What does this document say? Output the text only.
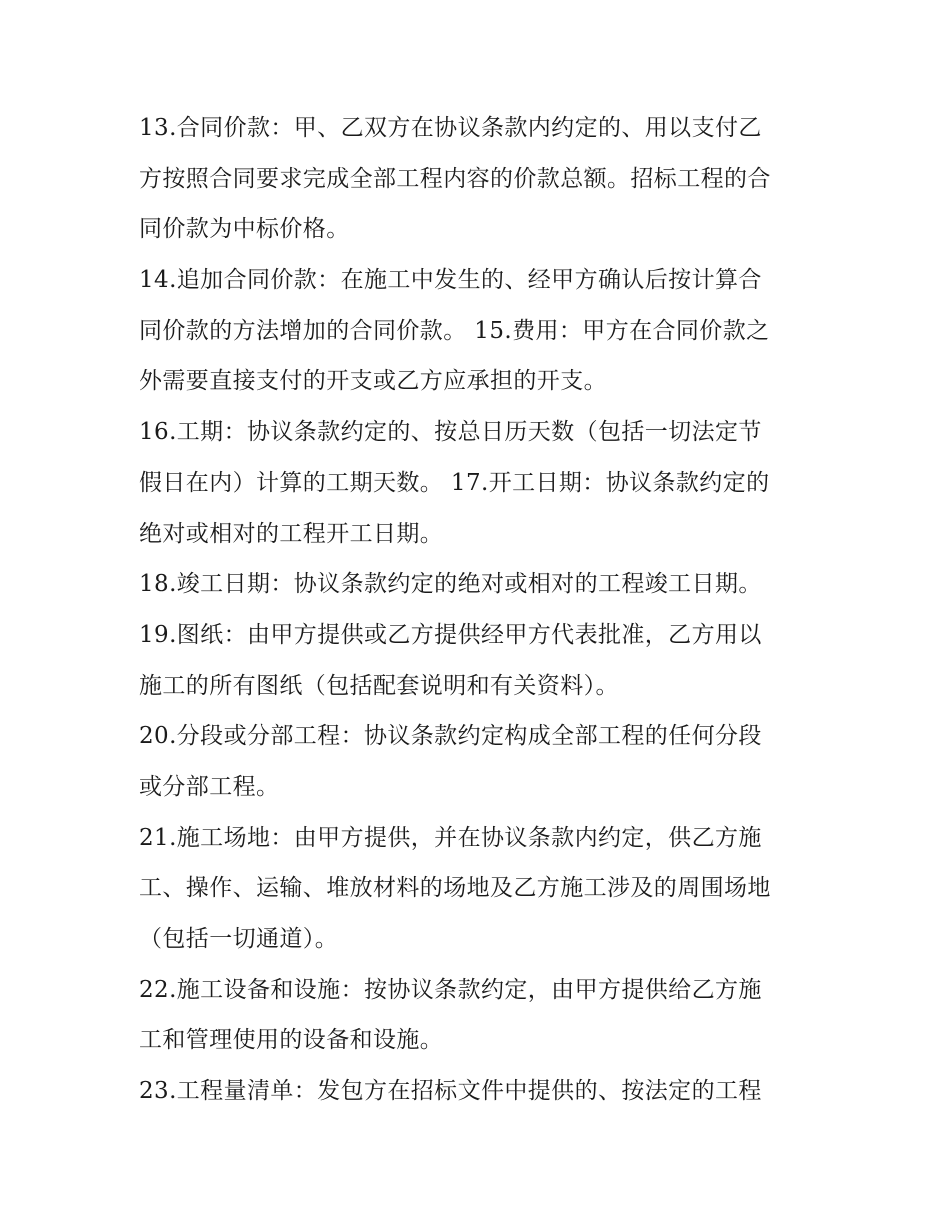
13.合同价款：甲、乙双方在协议条款内约定的、用以支付乙
方按照合同要求完成全部工程内容的价款总额。招标工程的合
同价款为中标价格。
14.追加合同价款：在施工中发生的、经甲方确认后按计算合
同价款的方法增加的合同价款。 15.费用：甲方在合同价款之
外需要直接支付的开支或乙方应承担的开支。
16.工期：协议条款约定的、按总日历天数（包括一切法定节
假日在内）计算的工期天数。 17.开工日期：协议条款约定的
绝对或相对的工程开工日期。
18.竣工日期：协议条款约定的绝对或相对的工程竣工日期。
19.图纸：由甲方提供或乙方提供经甲方代表批准，乙方用以
施工的所有图纸（包括配套说明和有关资料）。
20.分段或分部工程：协议条款约定构成全部工程的任何分段
或分部工程。
21.施工场地：由甲方提供，并在协议条款内约定，供乙方施
工、操作、运输、堆放材料的场地及乙方施工涉及的周围场地
（包括一切通道）。
22.施工设备和设施：按协议条款约定，由甲方提供给乙方施
工和管理使用的设备和设施。
23.工程量清单：发包方在招标文件中提供的、按法定的工程
